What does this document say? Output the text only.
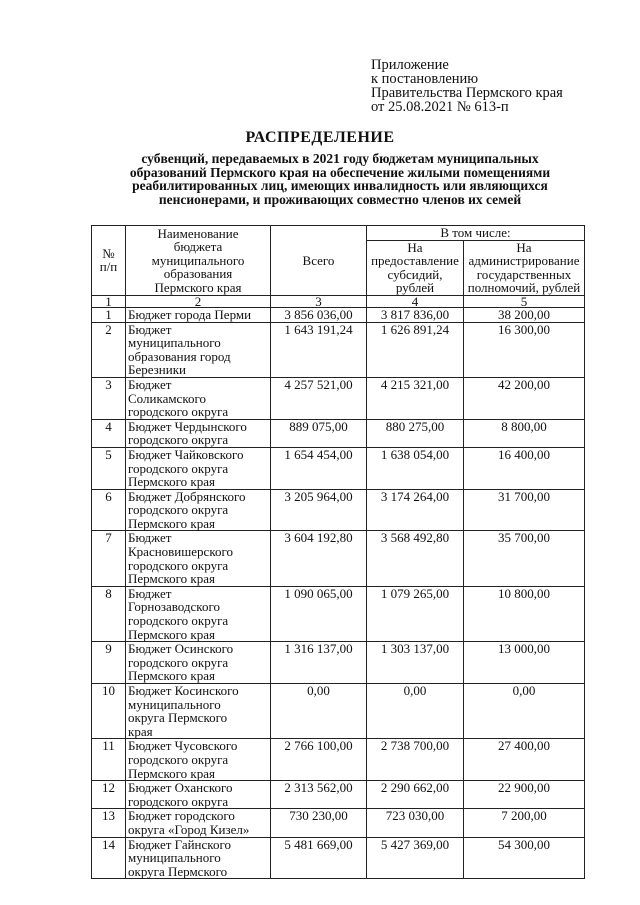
Приложение
к постановлению
Правительства Пермского края
от 25.08.2021 № 613-п
РАСПРЕДЕЛЕНИЕ
субвенций, передаваемых в 2021 году бюджетам муниципальных
образований Пермского края на обеспечение жилыми помещениями
реабилитированных лиц, имеющих инвалидность или являющихся
пенсионерами, и проживающих совместно членов их семей
№
п/п	Наименование
бюджета
муниципального
образования
Пермского края	Всего	В том числе:	
			На
предоставление
субсидий,
рублей	На
администрирование
государственных
полномочий, рублей
1	2	3	4	5
1	Бюджет города Перми	3 856 036,00	3 817 836,00	38 200,00
2	Бюджет
муниципального
образования город
Березники	1 643 191,24	1 626 891,24	16 300,00
3	Бюджет
Соликамского
городского округа	4 257 521,00	4 215 321,00	42 200,00
4	Бюджет Чердынского
городского округа	889 075,00	880 275,00	8 800,00
5	Бюджет Чайковского
городского округа
Пермского края	1 654 454,00	1 638 054,00	16 400,00
6	Бюджет Добрянского
городского округа
Пермского края	3 205 964,00	3 174 264,00	31 700,00
7	Бюджет
Красновишерского
городского округа
Пермского края	3 604 192,80	3 568 492,80	35 700,00
8	Бюджет
Горнозаводского
городского округа
Пермского края	1 090 065,00	1 079 265,00	10 800,00
9	Бюджет Осинского
городского округа
Пермского края	1 316 137,00	1 303 137,00	13 000,00
10	Бюджет Косинского
муниципального
округа Пермского
края	0,00	0,00	0,00
11	Бюджет Чусовского
городского округа
Пермского края	2 766 100,00	2 738 700,00	27 400,00
12	Бюджет Оханского
городского округа	2 313 562,00	2 290 662,00	22 900,00
13	Бюджет городского
округа «Город Кизел»	730 230,00	723 030,00	7 200,00
14	Бюджет Гайнского
муниципального
округа Пермского	5 481 669,00	5 427 369,00	54 300,00
